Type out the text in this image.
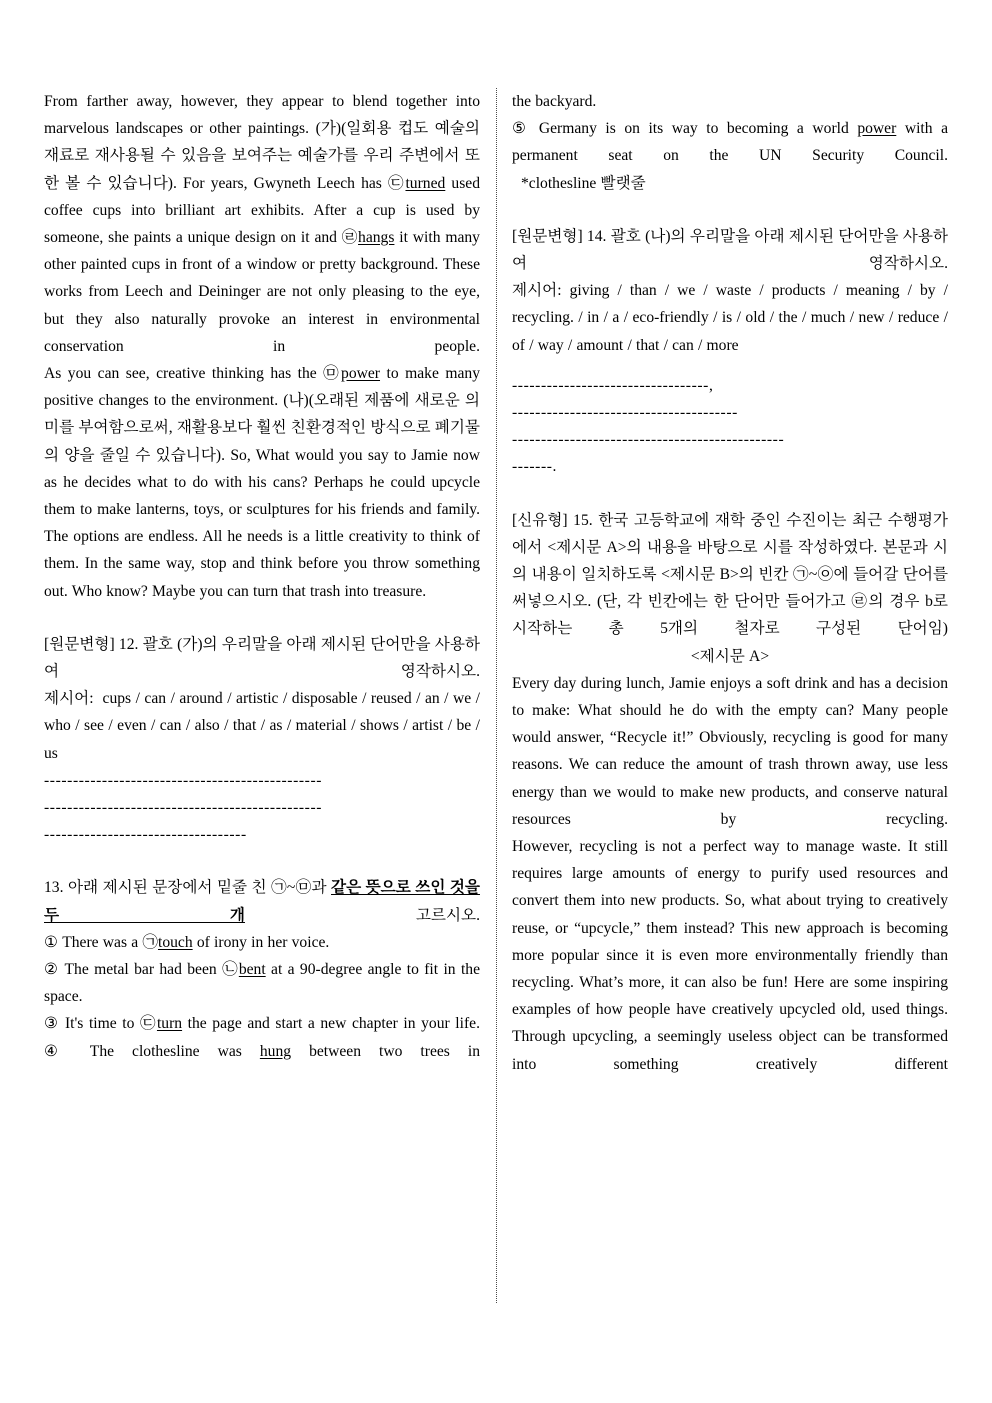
From farther away, however, they appear to blend together into marvelous landscapes or other paintings. (가)(일회용 컵도 예술의 재료로 재사용될 수 있음을 보여주는 예술가를 우리 주변에서 또한 볼 수 있습니다). For years, Gwyneth Leech has ㉢turned used coffee cups into brilliant art exhibits. After a cup is used by someone, she paints a unique design on it and ㉣hangs it with many other painted cups in front of a window or pretty background. These works from Leech and Deininger are not only pleasing to the eye, but they also naturally provoke an interest in environmental conservation in people.

As you can see, creative thinking has the ㉤power to make many positive changes to the environment. (나)(오래된 제품에 새로운 의미를 부여함으로써, 재활용보다 훨씬 친환경적인 방식으로 폐기물의 양을 줄일 수 있습니다). So, What would you say to Jamie now as he decides what to do with his cans? Perhaps he could upcycle them to make lanterns, toys, or sculptures for his friends and family. The options are endless. All he needs is a little creativity to think of them. In the same way, stop and think before you throw something out. Who know? Maybe you can turn that trash into treasure.

[원문변형] 12. 괄호 (가)의 우리말을 아래 제시된 단어만을 사용하여 영작하시오.

제시어: cups / can / around / artistic / disposable / reused / an / we / who / see / even / can / also / that / as / material / shows / artist / be / us

------------------------------------------------
------------------------------------------------
-----------------------------------

13. 아래 제시된 문장에서 밑줄 친 ㉠~㉤과 같은 뜻으로 쓰인 것을 두 개 고르시오.

① There was a ㉠touch of irony in her voice.

② The metal bar had been ㉡bent at a 90-degree angle to fit in the space.

③ It's time to ㉢turn the page and start a new chapter in your life.

④ The clothesline was hung between two trees in

the backyard.

⑤ Germany is on its way to becoming a world power with a permanent seat on the UN Security Council.

*clothesline 빨랫줄

[원문변형] 14. 괄호 (나)의 우리말을 아래 제시된 단어만을 사용하여 영작하시오.

제시어: giving / than / we / waste / products / meaning / by / recycling. / in / a / eco-friendly / is / old / the / much / new / reduce / of / way / amount / that / can / more

----------------------------------,
---------------------------------------
-----------------------------------------------
-------.

[신유형] 15. 한국 고등학교에 재학 중인 수진이는 최근 수행평가에서 <제시문 A>의 내용을 바탕으로 시를 작성하였다. 본문과 시의 내용이 일치하도록 <제시문 B>의 빈칸 ㉠~㉧에 들어갈 단어를 써넣으시오. (단, 각 빈칸에는 한 단어만 들어가고 ㉣의 경우 b로 시작하는 총 5개의 철자로 구성된 단어임)

<제시문 A>

Every day during lunch, Jamie enjoys a soft drink and has a decision to make: What should he do with the empty can? Many people would answer, “Recycle it!” Obviously, recycling is good for many reasons. We can reduce the amount of trash thrown away, use less energy than we would to make new products, and conserve natural resources by recycling.

However, recycling is not a perfect way to manage waste. It still requires large amounts of energy to purify used resources and convert them into new products. So, what about trying to creatively reuse, or “upcycle,” them instead? This new approach is becoming more popular since it is even more environmentally friendly than recycling. What’s more, it can also be fun! Here are some inspiring examples of how people have creatively upcycled old, used things. Through upcycling, a seemingly useless object can be transformed into something creatively different
